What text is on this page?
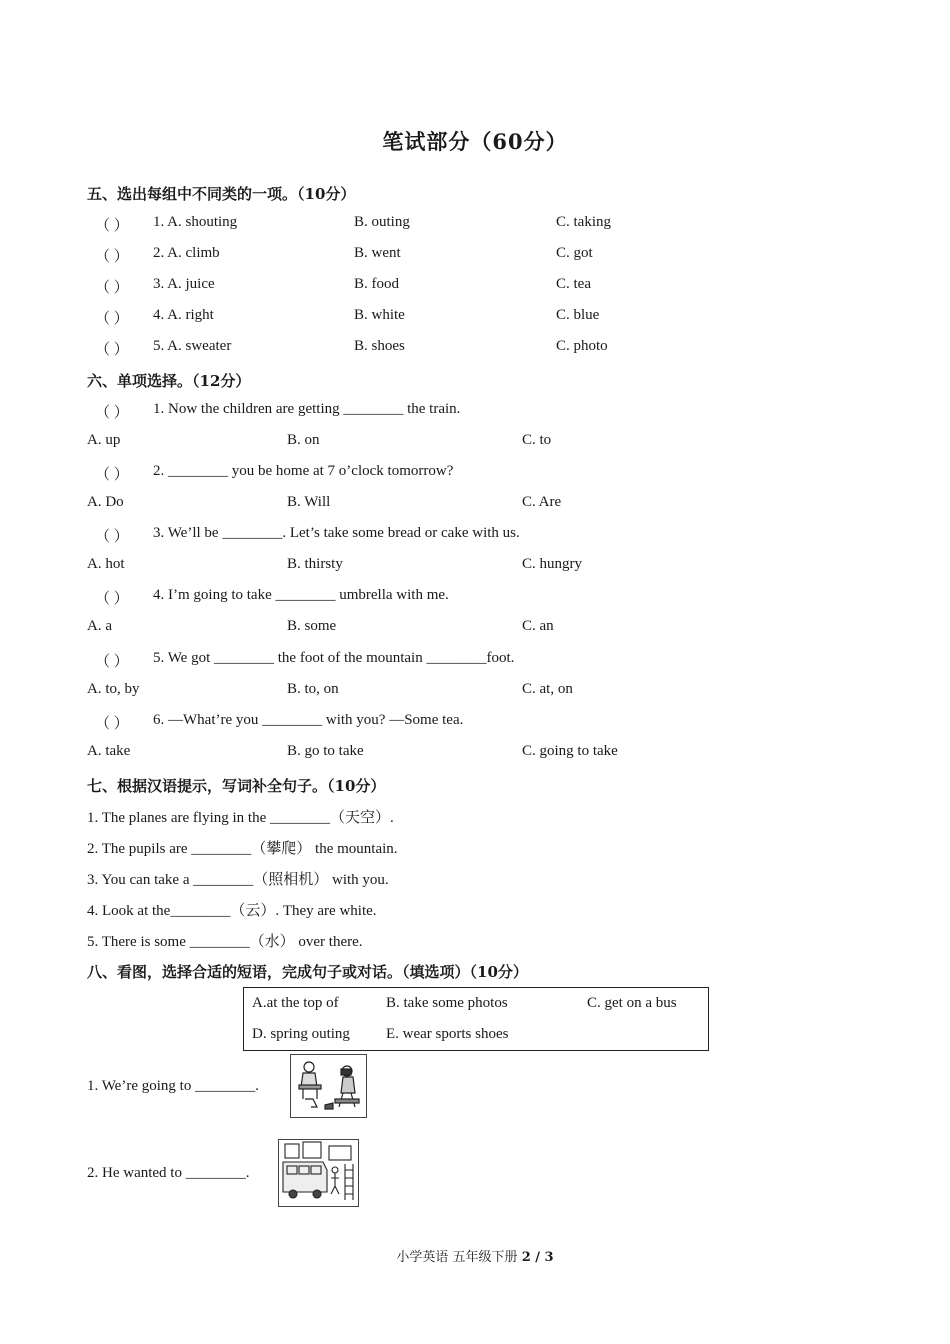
笔试部分（60分）
五、选出每组中不同类的一项。（10分）
（ ） 1. A. shouting	B. outing	C. taking
（ ） 2. A. climb	B. went	C. got
（ ） 3. A. juice	B. food	C. tea
（ ） 4. A. right	B. white	C. blue
（ ） 5. A. sweater	B. shoes	C. photo
六、单项选择。（12分）
（ ） 1. Now the children are getting ________ the train.
A. up	B. on	C. to
（ ） 2. ________ you be home at 7 o’clock tomorrow?
A. Do	B. Will	C. Are
（ ） 3. We’ll be ________. Let’s take some bread or cake with us.
A. hot	B. thirsty	C. hungry
（ ） 4. I’m going to take ________ umbrella with me.
A. a	B. some	C. an
（ ） 5. We got ________ the foot of the mountain ________foot.
A. to, by	B. to, on	C. at, on
（ ） 6. —What’re you ________ with you? —Some tea.
A. take	B. go to take	C. going to take
七、根据汉语提示，写词补全句子。（10分）
1. The planes are flying in the ________（天空）.
2. The pupils are ________（攀爬） the mountain.
3. You can take a ________（照相机） with you.
4. Look at the________（云）. They are white.
5. There is some ________（水） over there.
八、看图，选择合适的短语，完成句子或对话。（填选项）（10分）
A.at the top of	B. take some photos	C. get on a bus
D. spring outing E. wear sports shoes
1. We’re going to ________.
2. He wanted to ________.
小学英语 五年级下册 2 / 3
